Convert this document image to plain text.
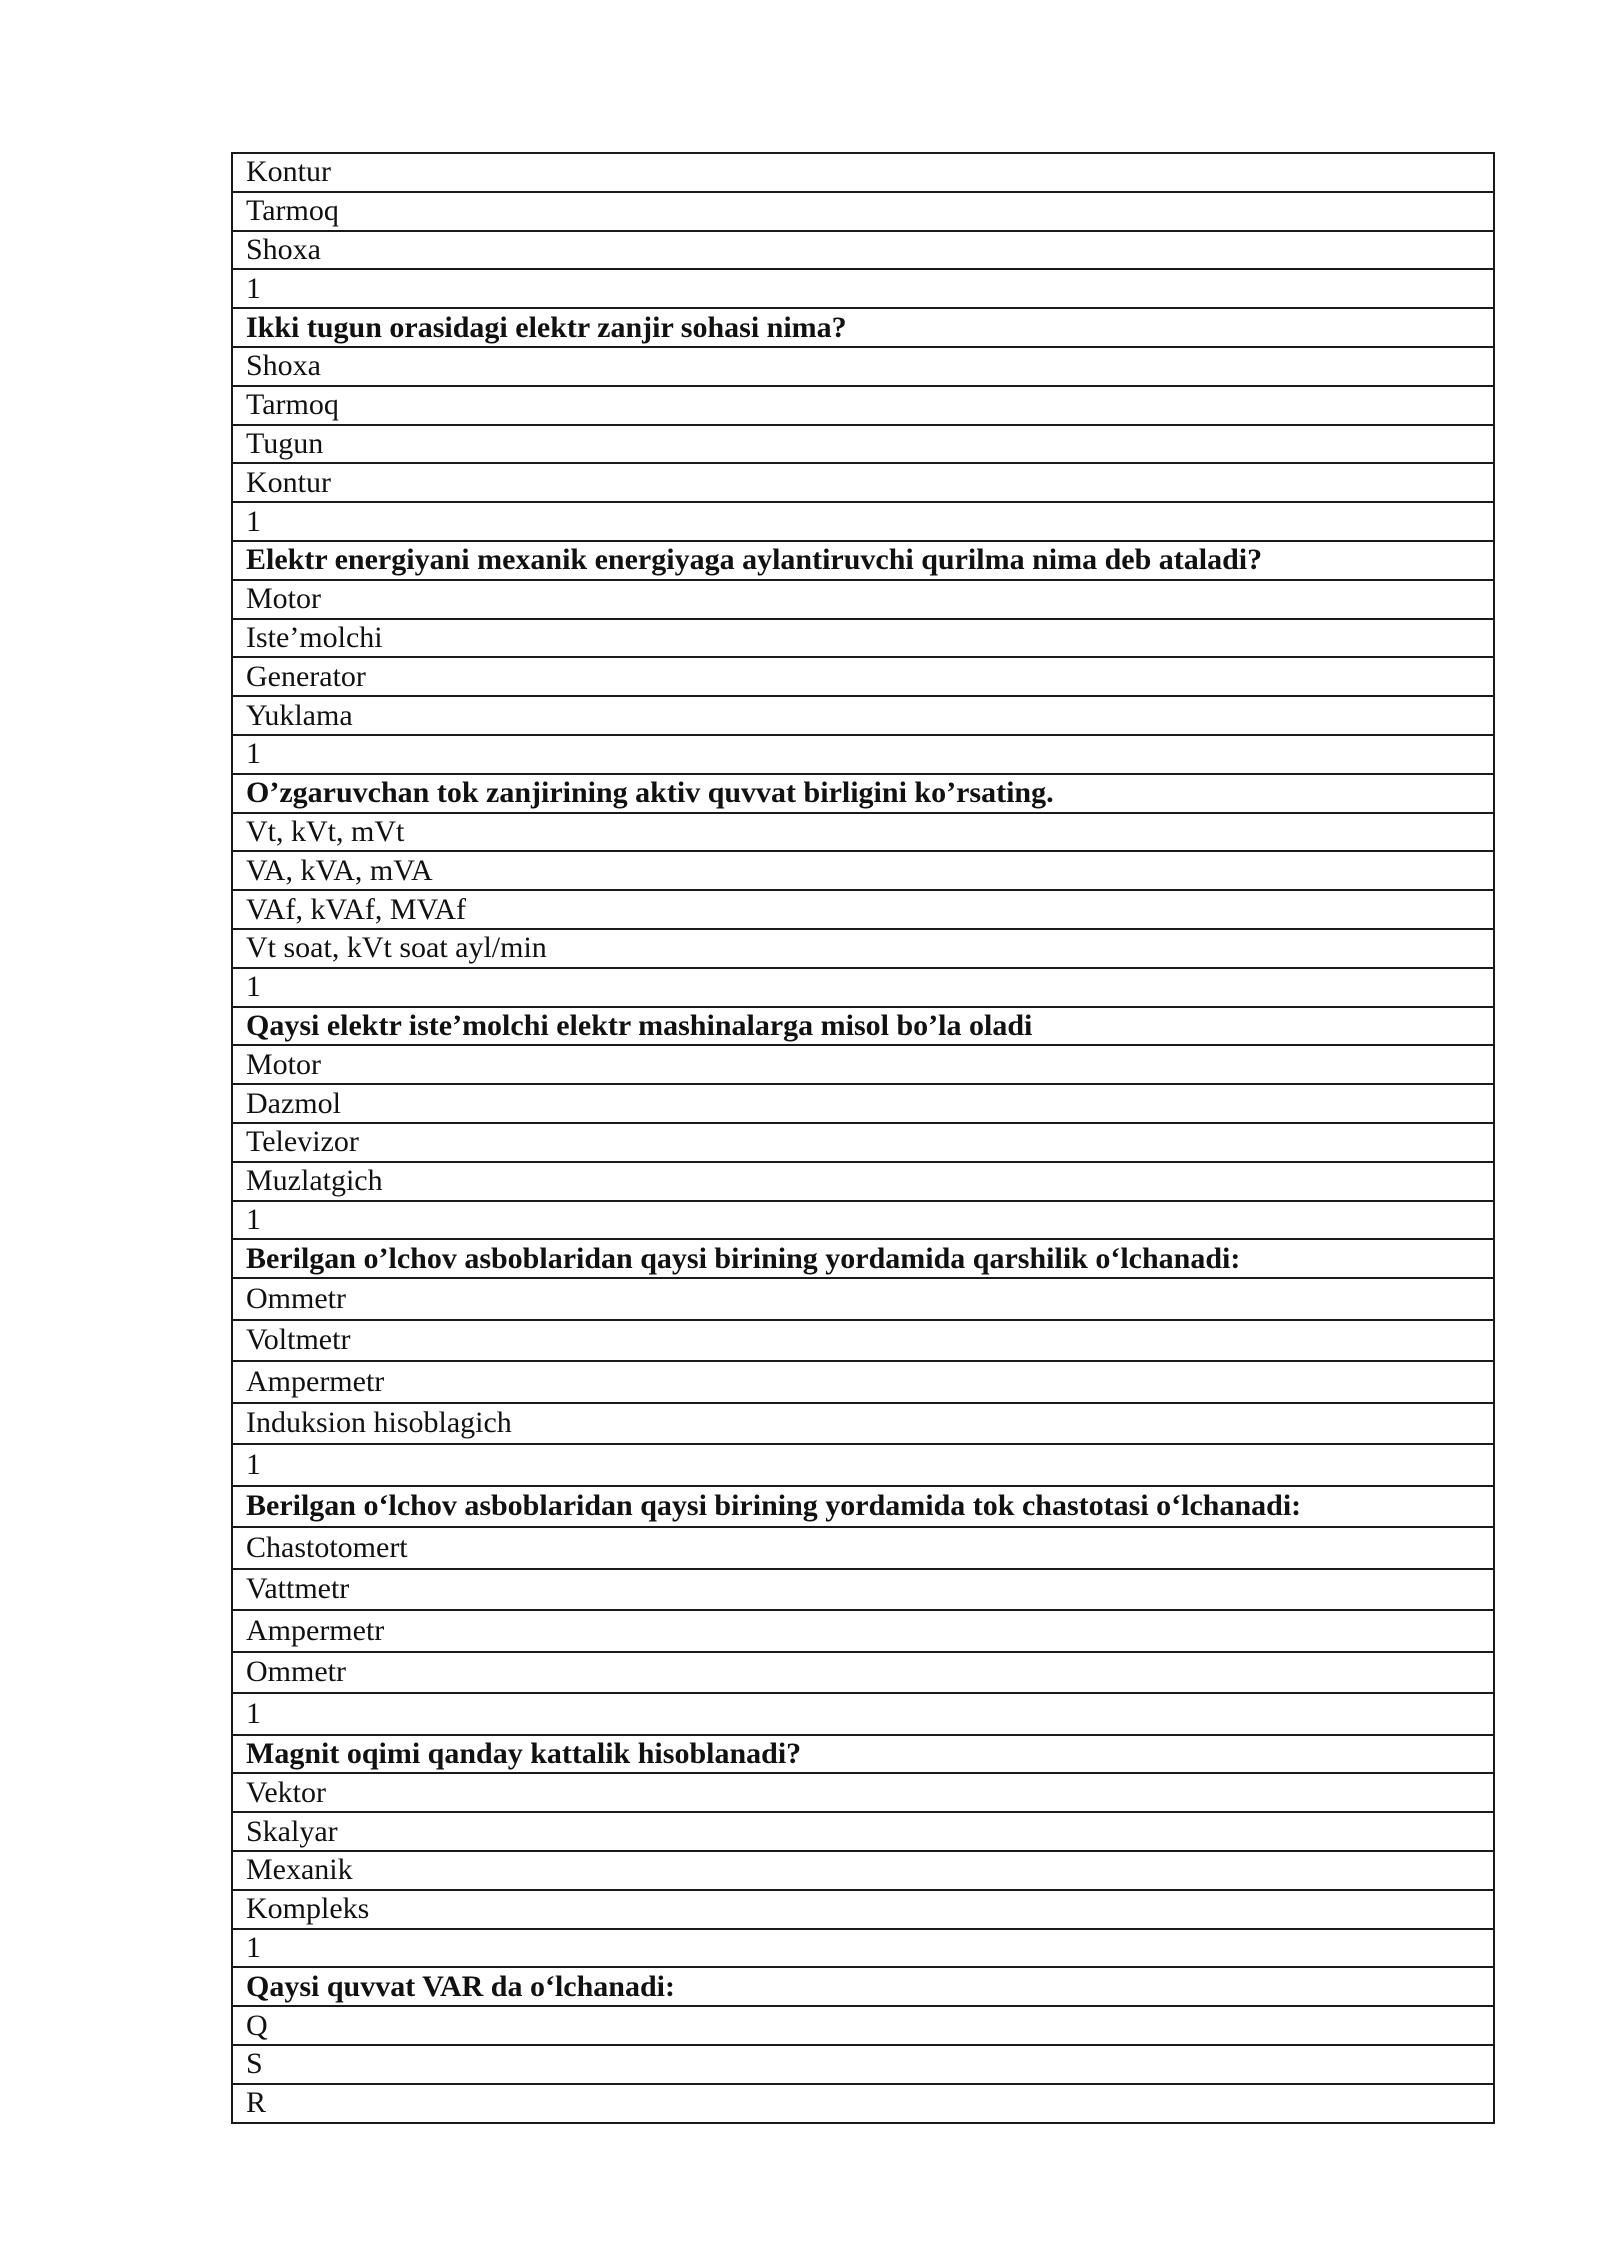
Kontur
Tarmoq
Shoxa
1
Ikki tugun orasidagi elektr zanjir sohasi nima?
Shoxa
Tarmoq
Tugun
Kontur
1
Elektr energiyani mexanik energiyaga aylantiruvchi qurilma nima deb ataladi?
Motor
Iste’molchi
Generator
Yuklama
1
O’zgaruvchan tok zanjirining aktiv quvvat birligini ko’rsating.
Vt, kVt, mVt
VA, kVA, mVA
VAf, kVAf, MVAf
Vt soat, kVt soat ayl/min
1
Qaysi elektr iste’molchi elektr mashinalarga misol bo’la oladi
Motor
Dazmol
Televizor
Muzlatgich
1
Berilgan o’lchov asboblaridan qaysi birining yordamida qarshilik o‘lchanadi:
Ommetr
Voltmetr
Ampermetr
Induksion hisoblagich
1
Berilgan o‘lchov asboblaridan qaysi birining yordamida tok chastotasi o‘lchanadi:
Chastotomert
Vattmetr
Ampermetr
Ommetr
1
Magnit oqimi qanday kattalik hisoblanadi?
Vektor
Skalyar
Mexanik
Kompleks
1
Qaysi quvvat VAR da o‘lchanadi:
Q
S
R
